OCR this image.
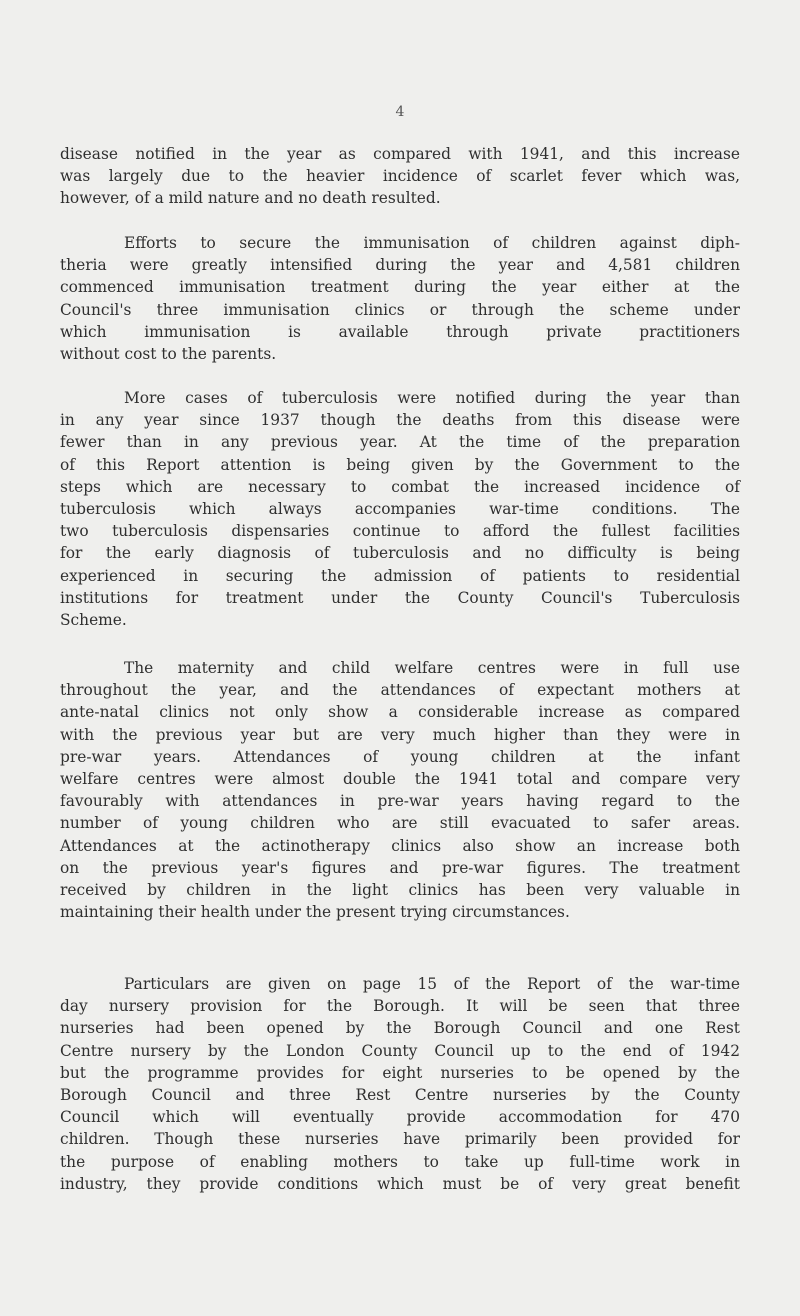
4
disease notified in the year as compared with 1941, and this increase
was largely due to the heavier incidence of scarlet fever which was,
however, of a mild nature and no death resulted.
Efforts to secure the immunisation of children against diph-
theria were greatly intensified during the year and 4,581 children
commenced immunisation treatment during the year either at the
Council's three immunisation clinics or through the scheme under
which immunisation is available through private practitioners
without cost to the parents.
More cases of tuberculosis were notified during the year than
in any year since 1937 though the deaths from this disease were
fewer than in any previous year. At the time of the preparation
of this Report attention is being given by the Government to the
steps which are necessary to combat the increased incidence of
tuberculosis which always accompanies war-time conditions. The
two tuberculosis dispensaries continue to afford the fullest facilities
for the early diagnosis of tuberculosis and no difficulty is being
experienced in securing the admission of patients to residential
institutions for treatment under the County Council's Tuberculosis
Scheme.
The maternity and child welfare centres were in full use
throughout the year, and the attendances of expectant mothers at
ante-natal clinics not only show a considerable increase as compared
with the previous year but are very much higher than they were in
pre-war years. Attendances of young children at the infant
welfare centres were almost double the 1941 total and compare very
favourably with attendances in pre-war years having regard to the
number of young children who are still evacuated to safer areas.
Attendances at the actinotherapy clinics also show an increase both
on the previous year's figures and pre-war figures. The treatment
received by children in the light clinics has been very valuable in
maintaining their health under the present trying circumstances.
Particulars are given on page 15 of the Report of the war-time
day nursery provision for the Borough. It will be seen that three
nurseries had been opened by the Borough Council and one Rest
Centre nursery by the London County Council up to the end of 1942
but the programme provides for eight nurseries to be opened by the
Borough Council and three Rest Centre nurseries by the County
Council which will eventually provide accommodation for 470
children. Though these nurseries have primarily been provided for
the purpose of enabling mothers to take up full-time work in
industry, they provide conditions which must be of very great benefit
